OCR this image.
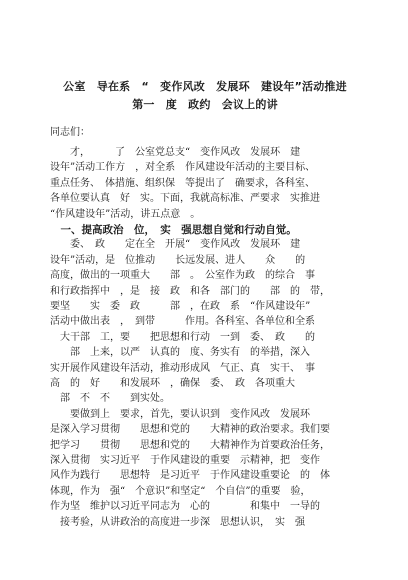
公室　导在系　“　变作风改　发展环　建设年”活动推进
第一　度　政约　会议上的讲
同志们：
　　才，　　　了　公室党总支“　变作风改　发展环　建
设年”活动工作方　，对全系　作风建设年活动的主要目标、
重点任务、　体措施、组织保　等提出了　确要求，各科室、
各单位要认真　好　实。下面，我就高标准、严要求　实推进
“作风建设年”活动，讲五点意　。
　一、提高政治　位，　实　强思想自觉和行动自觉。
　　委、　政　　定在全　开展“　变作风改　发展环　建
设年”活动，是　位推动　　长远发展、进人　　众　　的
高度，做出的一项重大　　部　。　公室作为政　的综合　事
和行政指挥中　，是　接　政　和各　部门的　　部　的　带，
要坚　　实　委　政　　　部　，在政　系　“作风建设年”
活动中做出表　，　到带　　　作用。各科室、各单位和全系
　大干部　工，要　　把思想和行动　一到　委、　政　　的
　　部　上来，以严　认真的　度、务实有　的举措，深入
实开展作风建设年活动，推动形成风　气正、真　实干、　事
高　的　好　　和发展环　，确保　委、　政　各项重大
　部　不　不　　到实处。
　　要做到上　要求，首先，要认识到　变作风改　发展环
是深入学习贯彻　　思想和党的　　大精神的政治要求。我们要
把学习　　贯彻　　思想和党的　　大精神作为首要政治任务，
深入贯彻　实习近平　于作风建设的重要　示精神，把　变作
风作为践行　　思想特　是习近平　于作风建设重要论　的　体
体现，作为　强“　个意识”和坚定“　个自信”的重要　验，
作为坚　维护以习近平同志为　心的　　　　和集中　一导的
　接考验，从讲政治的高度进一步深　思想认识，　实　强
